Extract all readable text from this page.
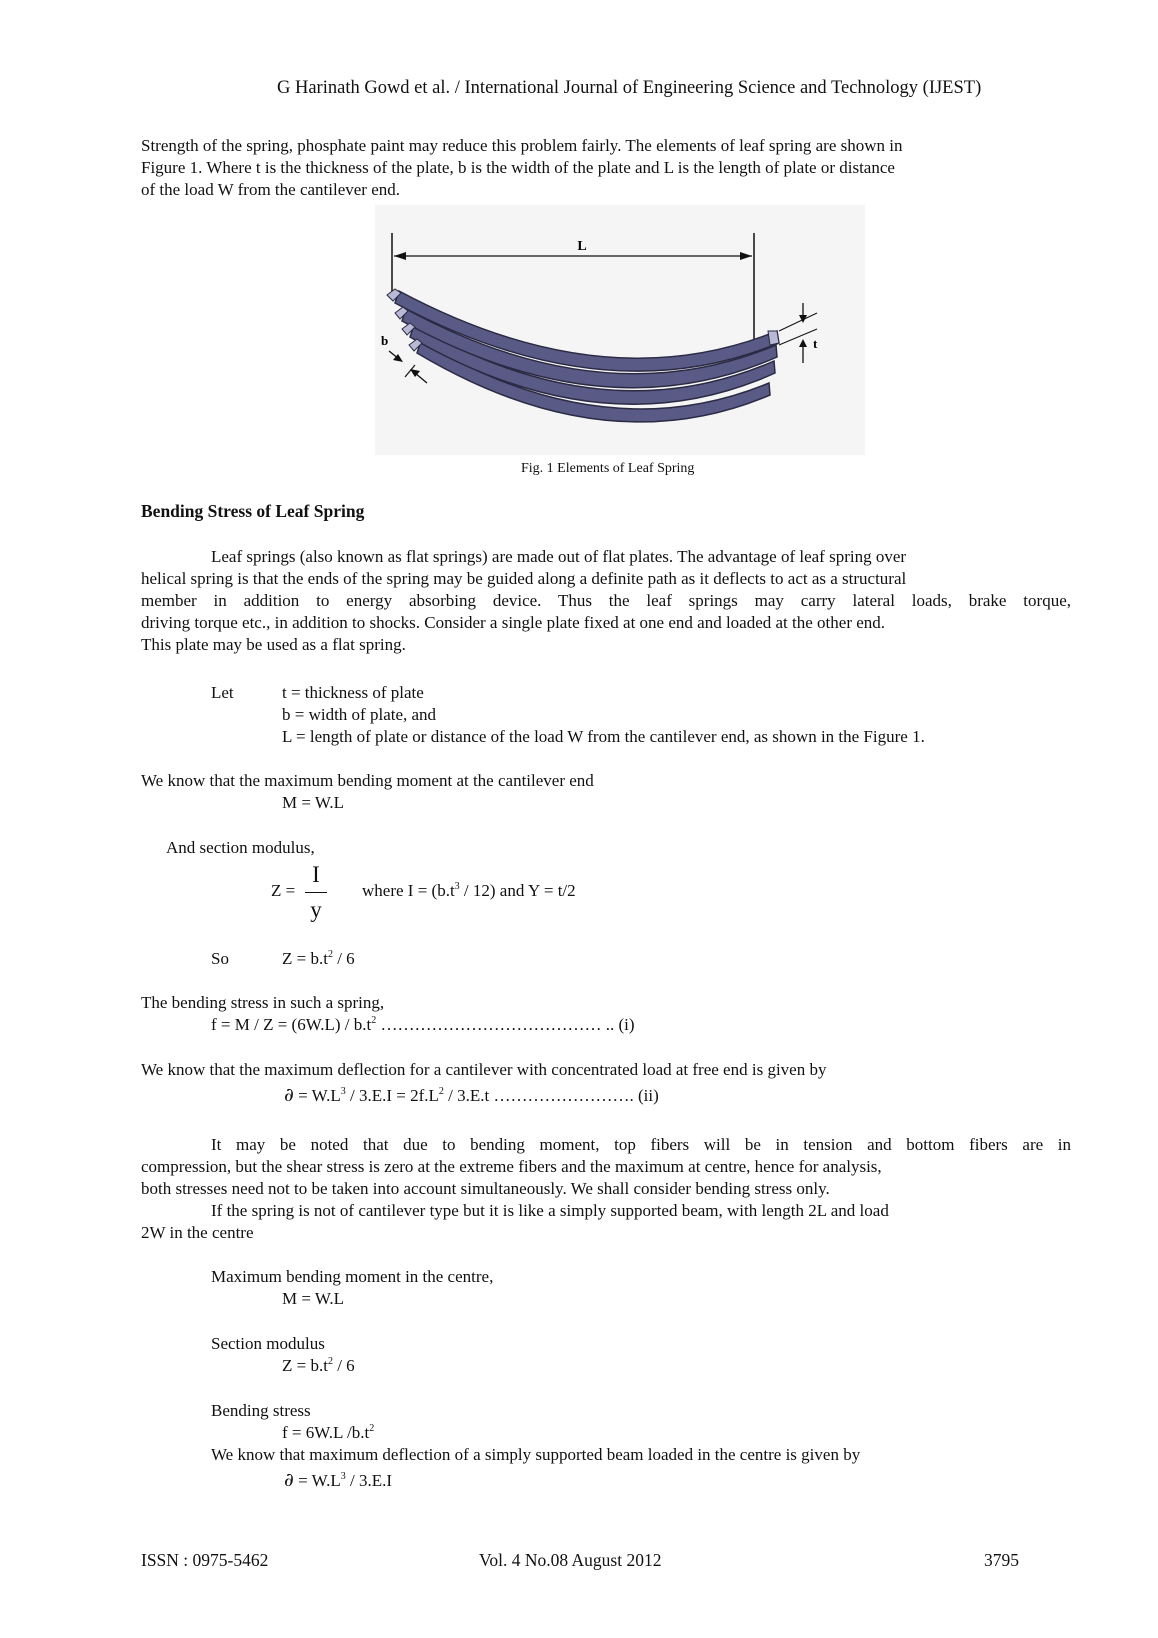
G Harinath Gowd et al. / International Journal of Engineering Science and Technology (IJEST)
Strength of the spring, phosphate paint may reduce this problem fairly. The elements of leaf spring are shown in
Figure 1. Where t is the thickness of the plate, b is the width of the plate and L is the length of plate or distance
of the load W from the cantilever end.
L
t
b
Fig. 1 Elements of Leaf Spring
Bending Stress of Leaf Spring
Leaf springs (also known as flat springs) are made out of flat plates. The advantage of leaf spring over
helical spring is that the ends of the spring may be guided along a definite path as it deflects to act as a structural
member in addition to energy absorbing device. Thus the leaf springs may carry lateral loads, brake torque,
driving torque etc., in addition to shocks. Consider a single plate fixed at one end and loaded at the other end.
This plate may be used as a flat spring.
Let	t = thickness of plate
b = width of plate, and
L = length of plate or distance of the load W from the cantilever end, as shown in the Figure 1.
We know that the maximum bending moment at the cantilever end
M = W.L
And section modulus,
Z =
I
y
where $I = (b.t^3 / 12)$ and Y = t/2
So	$Z = b.t^2 / 6$
The bending stress in such a spring,
$f = M / Z = (6W.L) / b.t^2$ ………………………………… .. (i)
We know that the maximum deflection for a cantilever with concentrated load at free end is given by
∂ = $W.L^3 / 3.E.I = 2f.L^2 / 3.E.t$ ……………………. (ii)
It may be noted that due to bending moment, top fibers will be in tension and bottom fibers are in
compression, but the shear stress is zero at the extreme fibers and the maximum at centre, hence for analysis,
both stresses need not to be taken into account simultaneously. We shall consider bending stress only.
If the spring is not of cantilever type but it is like a simply supported beam, with length 2L and load
2W in the centre
Maximum bending moment in the centre,
M = W.L
Section modulus
$Z = b.t^2 / 6$
Bending stress
f = 6W.L $/b.t^2$
We know that maximum deflection of a simply supported beam loaded in the centre is given by
∂ = $W.L^3 / 3.E.I$
ISSN : 0975-5462	Vol. 4 No.08 August 2012	3795
